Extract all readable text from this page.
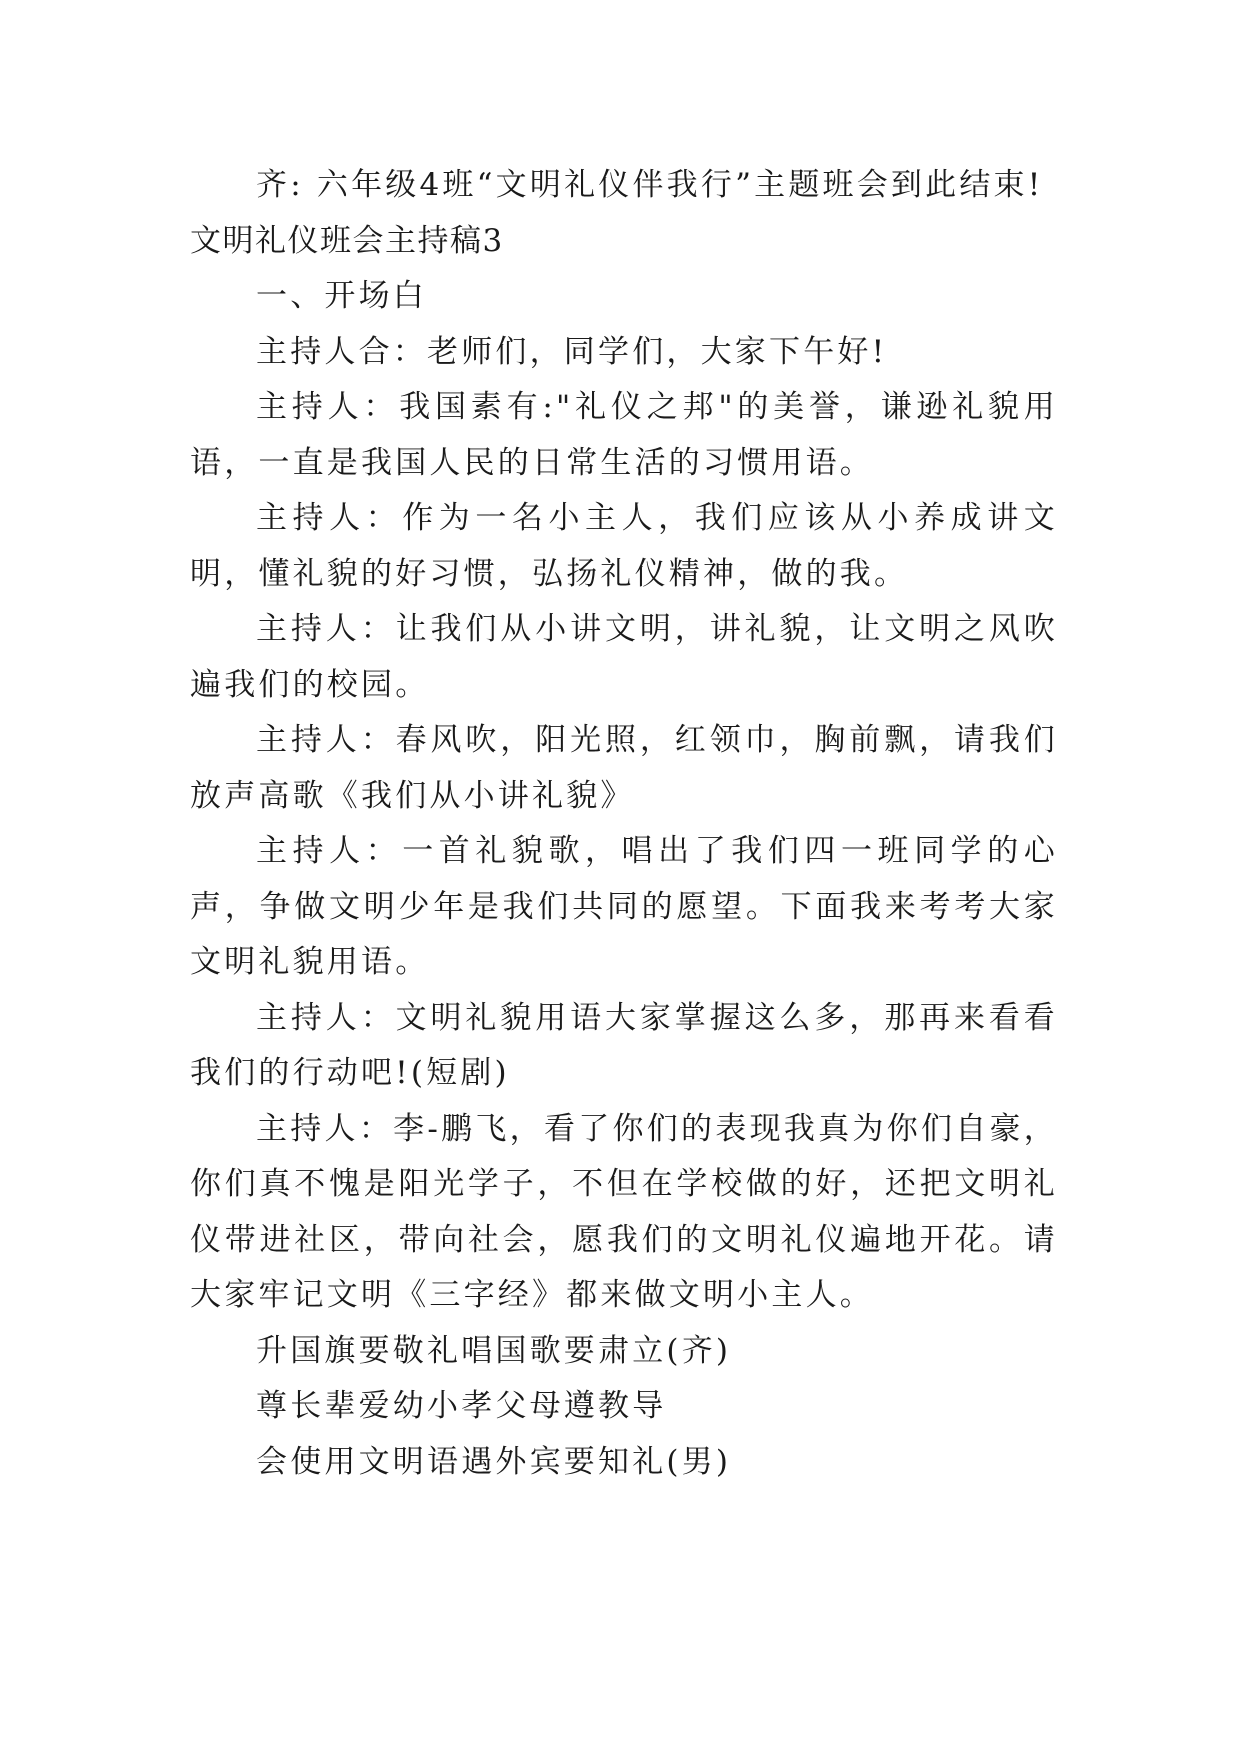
齐: 六年级4班“文明礼仪伴我行”主题班会到此结束!

文明礼仪班会主持稿3

一、开场白

主持人合：老师们，同学们，大家下午好!

主持人：我国素有:"礼仪之邦"的美誉，谦逊礼貌用语，一直是我国人民的日常生活的习惯用语。

主持人：作为一名小主人，我们应该从小养成讲文明，懂礼貌的好习惯，弘扬礼仪精神，做的我。

主持人：让我们从小讲文明，讲礼貌，让文明之风吹遍我们的校园。

主持人：春风吹，阳光照，红领巾，胸前飘，请我们放声高歌《我们从小讲礼貌》

主持人：一首礼貌歌，唱出了我们四一班同学的心声，争做文明少年是我们共同的愿望。下面我来考考大家文明礼貌用语。

主持人：文明礼貌用语大家掌握这么多，那再来看看我们的行动吧!(短剧)

主持人：李-鹏飞，看了你们的表现我真为你们自豪，你们真不愧是阳光学子，不但在学校做的好，还把文明礼仪带进社区，带向社会，愿我们的文明礼仪遍地开花。请大家牢记文明《三字经》都来做文明小主人。

升国旗要敬礼唱国歌要肃立(齐)

尊长辈爱幼小孝父母遵教导

会使用文明语遇外宾要知礼(男)
